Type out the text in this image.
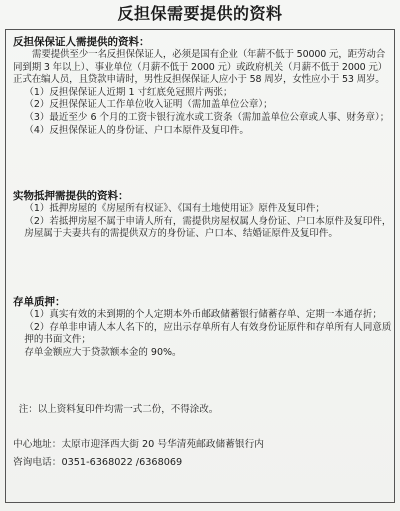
反担保需要提供的资料
反担保保证人需提供的资料：

需要提供至少一名反担保保证人，必须是国有企业（年薪不低于 50000 元，距劳动合同到期 3 年以上）、事业单位（月薪不低于 2000 元）或政府机关（月薪不低于 2000 元）正式在编人员，且贷款申请时，男性反担保保证人应小于 58 周岁，女性应小于 53 周岁。

（1）反担保保证人近期 1 寸红底免冠照片两张；
（2）反担保保证人工作单位收入证明（需加盖单位公章）；
（3）最近至少 6 个月的工资卡银行流水或工资条（需加盖单位公章或人事、财务章）；
（4）反担保保证人的身份证、户口本原件及复印件。
实物抵押需提供的资料：
（1）抵押房屋的《房屋所有权证》、《国有土地使用证》原件及复印件；
（2）若抵押房屋不属于申请人所有，需提供房屋权属人身份证、户口本原件及复印件，房屋属于夫妻共有的需提供双方的身份证、户口本、结婚证原件及复印件。
存单质押：
（1）真实有效的未到期的个人定期本外币邮政储蓄银行储蓄存单、定期一本通存折；
（2）存单非申请人本人名下的，应出示存单所有人有效身份证原件和存单所有人同意质押的书面文件；
存单金额应大于贷款额本金的 90%。
注：以上资料复印件均需一式二份，不得涂改。
中心地址：太原市迎泽西大街 20 号华清苑邮政储蓄银行内
咨询电话：0351-6368022 /6368069
